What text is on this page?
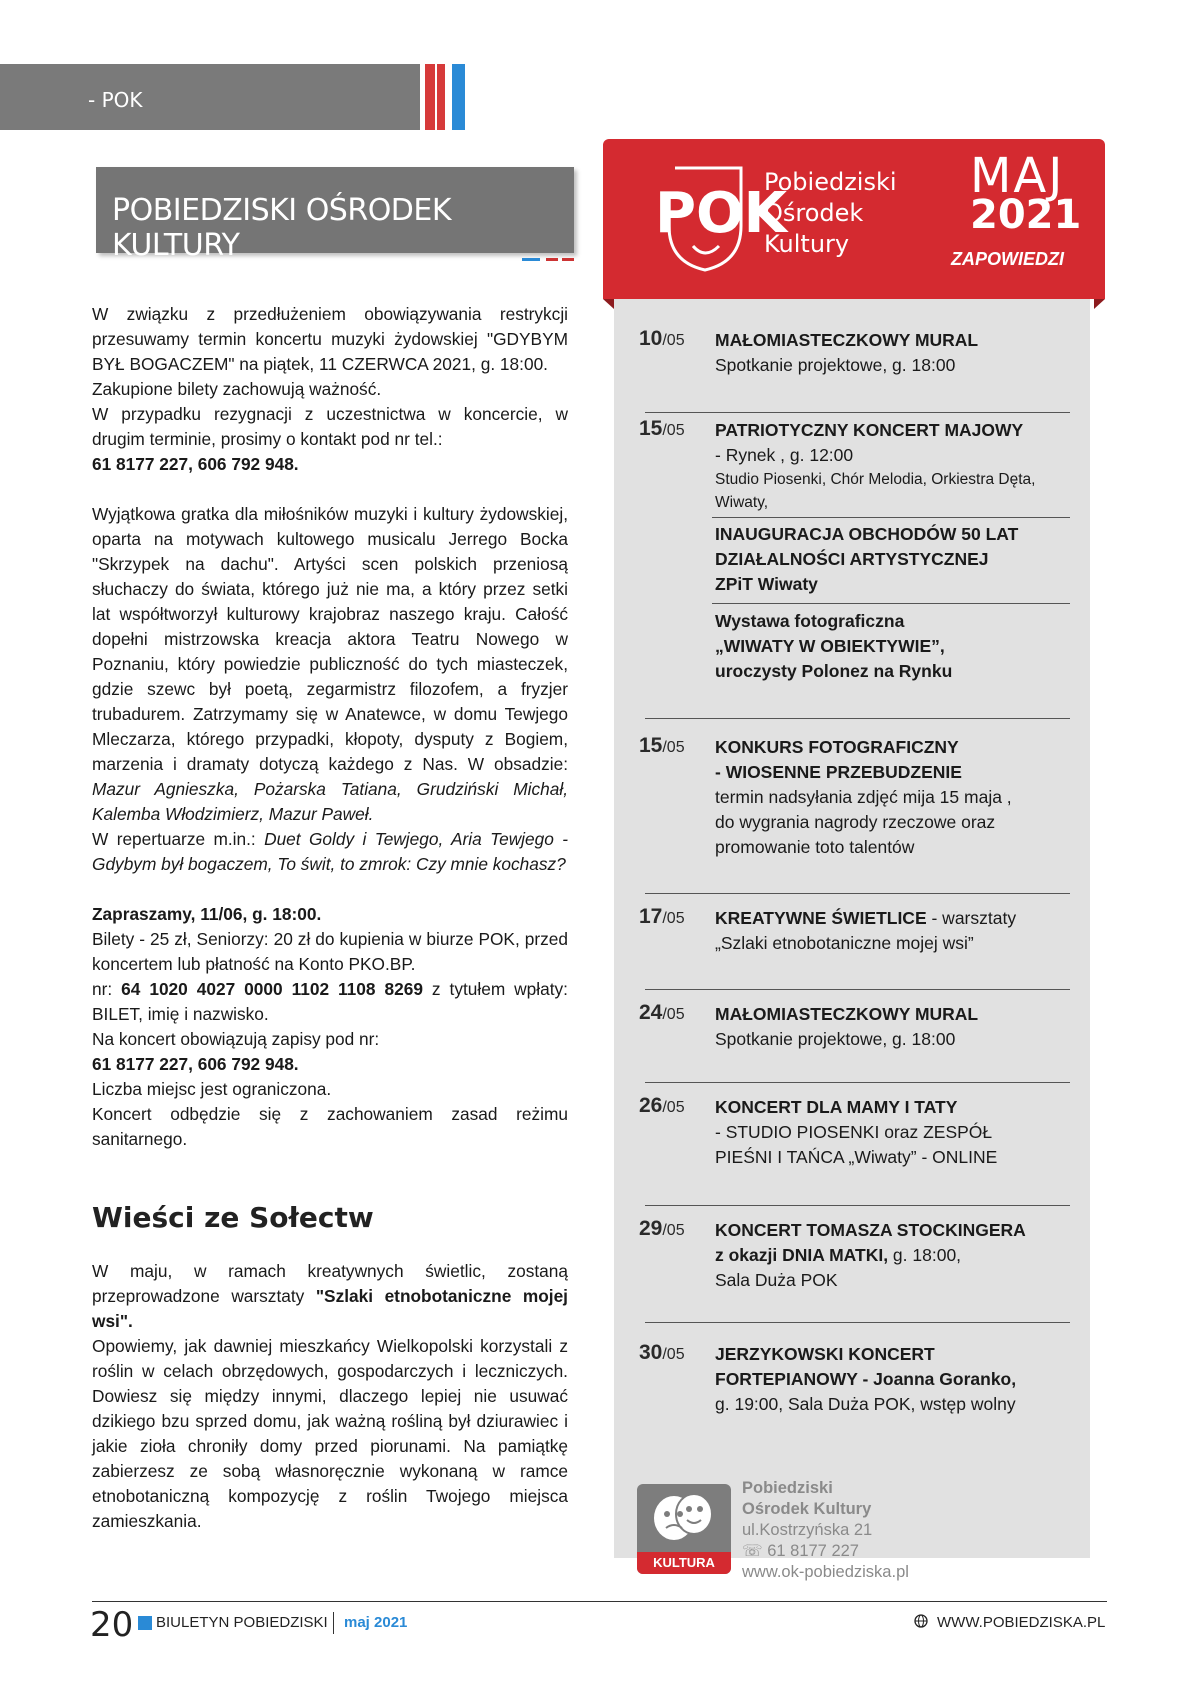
- POK
POBIEDZISKI OŚRODEK KULTURY

W związku z przedłużeniem obowiązywania restrykcji przesuwamy termin koncertu muzyki żydowskiej "GDYBYM BYŁ BOGACZEM" na piątek, 11 CZERWCA 2021, g. 18:00.

Zakupione bilety zachowują ważność.

W przypadku rezygnacji z uczestnictwa w koncercie, w drugim terminie, prosimy o kontakt pod nr tel.:

61 8177 227, 606 792 948.

Wyjątkowa gratka dla miłośników muzyki i kultury żydowskiej, oparta na motywach kultowego musicalu Jerrego Bocka "Skrzypek na dachu". Artyści scen polskich przeniosą słuchaczy do świata, którego już nie ma, a który przez setki lat współtworzył kulturowy krajobraz naszego kraju. Całość dopełni mistrzowska kreacja aktora Teatru Nowego w Poznaniu, który powiedzie publiczność do tych miasteczek, gdzie szewc był poetą, zegarmistrz filozofem, a fryzjer trubadurem. Zatrzymamy się w Anatewce, w domu Tewjego Mleczarza, którego przypadki, kłopoty, dysputy z Bogiem, marzenia i dramaty dotyczą każdego z Nas. W obsadzie: Mazur Agnieszka, Pożarska Tatiana, Grudziński Michał, Kalemba Włodzimierz, Mazur Paweł.
W repertuarze m.in.: Duet Goldy i Tewjego, Aria Tewjego - Gdybym był bogaczem, To świt, to zmrok: Czy mnie kochasz?

Zapraszamy, 11/06, g. 18:00.

Bilety - 25 zł, Seniorzy: 20 zł do kupienia w biurze POK, przed koncertem lub płatność na Konto PKO.BP.

nr: 64 1020 4027 0000 1102 1108 8269 z tytułem wpłaty: BILET, imię i nazwisko.

Na koncert obowiązują zapisy pod nr:

61 8177 227, 606 792 948.

Liczba miejsc jest ograniczona.

Koncert odbędzie się z zachowaniem zasad reżimu sanitarnego.

Wieści ze Sołectw

W maju, w ramach kreatywnych świetlic, zostaną przeprowadzone warsztaty "Szlaki etnobotaniczne mojej wsi".

Opowiemy, jak dawniej mieszkańcy Wielkopolski korzystali z roślin w celach obrzędowych, gospodarczych i leczniczych. Dowiesz się między innymi, dlaczego lepiej nie usuwać dzikiego bzu sprzed domu, jak ważną rośliną był dziurawiec i jakie zioła chroniły domy przed piorunami. Na pamiątkę zabierzesz ze sobą własnoręcznie wykonaną w ramce etnobotaniczną kompozycję z roślin Twojego miejsca zamieszkania.

POK
Pobiedziski
Ośrodek
Kultury
MAJ
2021
ZAPOWIEDZI
10/05 MAŁOMIASTECZKOWY MURAL
Spotkanie projektowe, g. 18:00
15/05 PATRIOTYCZNY KONCERT MAJOWY
- Rynek , g. 12:00
Studio Piosenki, Chór Melodia, Orkiestra Dęta,
Wiwaty,
INAUGURACJA OBCHODÓW 50 LAT
DZIAŁALNOŚCI ARTYSTYCZNEJ
ZPiT Wiwaty
Wystawa fotograficzna
„WIWATY W OBIEKTYWIE”,
uroczysty Polonez na Rynku
15/05 KONKURS FOTOGRAFICZNY
- WIOSENNE PRZEBUDZENIE
termin nadsyłania zdjęć mija 15 maja ,
do wygrania nagrody rzeczowe oraz
promowanie toto talentów
17/05 KREATYWNE ŚWIETLICE - warsztaty
„Szlaki etnobotaniczne mojej wsi”
24/05 MAŁOMIASTECZKOWY MURAL
Spotkanie projektowe, g. 18:00
26/05 KONCERT DLA MAMY I TATY
- STUDIO PIOSENKI oraz ZESPÓŁ
PIEŚNI I TAŃCA „Wiwaty” - ONLINE
29/05 KONCERT TOMASZA STOCKINGERA
z okazji DNIA MATKI, g. 18:00,
Sala Duża POK
30/05 JERZYKOWSKI KONCERT
FORTEPIANOWY - Joanna Goranko,
g. 19:00, Sala Duża POK, wstęp wolny
KULTURA
Pobiedziski
Ośrodek Kultury
ul.Kostrzyńska 21
☏ 61 8177 227
www.ok-pobiedziska.pl
20 BIULETYN POBIEDZISKI maj 2021	WWW.POBIEDZISKA.PL
